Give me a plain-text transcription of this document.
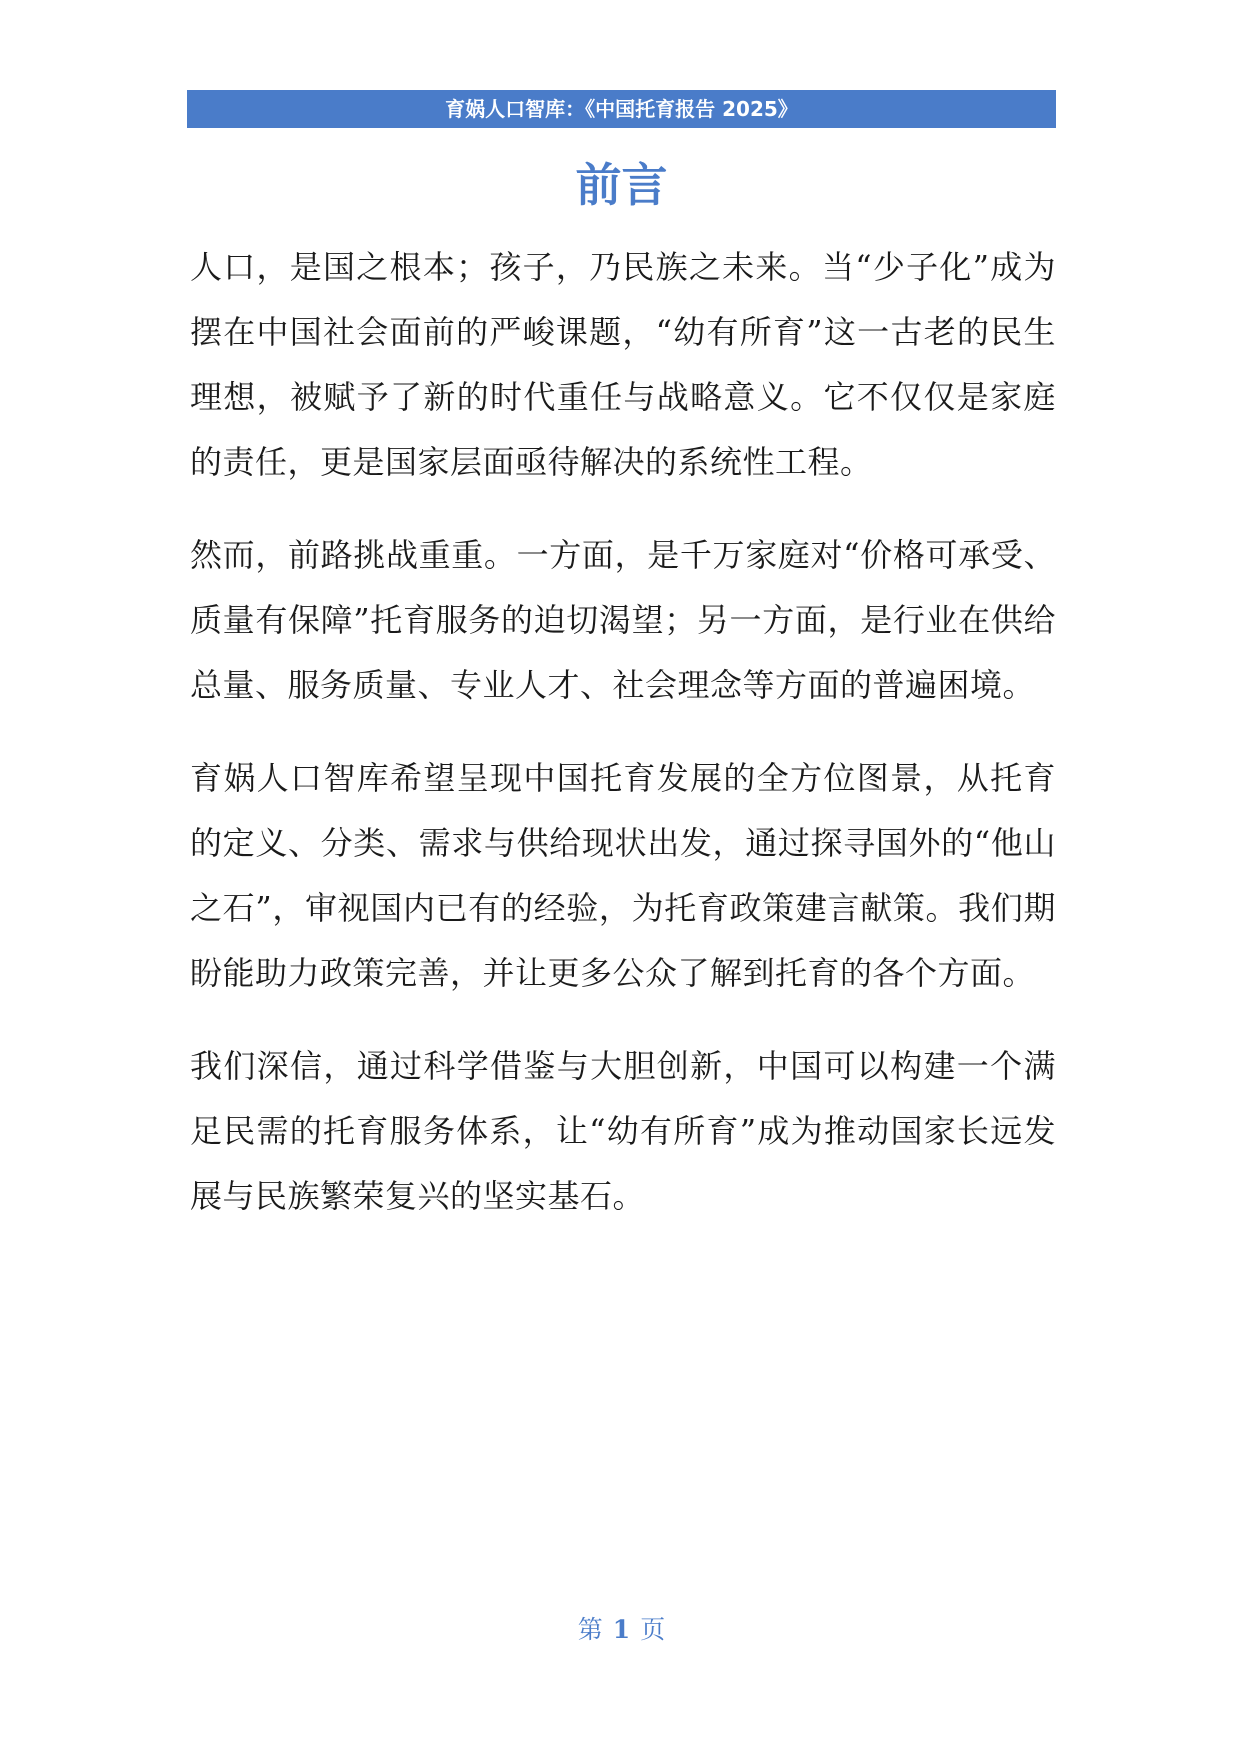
育娲人口智库：《中国托育报告 2025》
前言

人口，是国之根本；孩子，乃民族之未来。当“少子化”成为摆在中国社会面前的严峻课题，“幼有所育”这一古老的民生理想，被赋予了新的时代重任与战略意义。它不仅仅是家庭的责任，更是国家层面亟待解决的系统性工程。

然而，前路挑战重重。一方面，是千万家庭对“价格可承受、质量有保障”托育服务的迫切渴望；另一方面，是行业在供给总量、服务质量、专业人才、社会理念等方面的普遍困境。

育娲人口智库希望呈现中国托育发展的全方位图景，从托育的定义、分类、需求与供给现状出发，通过探寻国外的“他山之石”，审视国内已有的经验，为托育政策建言献策。我们期盼能助力政策完善，并让更多公众了解到托育的各个方面。

我们深信，通过科学借鉴与大胆创新，中国可以构建一个满足民需的托育服务体系，让“幼有所育”成为推动国家长远发展与民族繁荣复兴的坚实基石。

第 1 页
